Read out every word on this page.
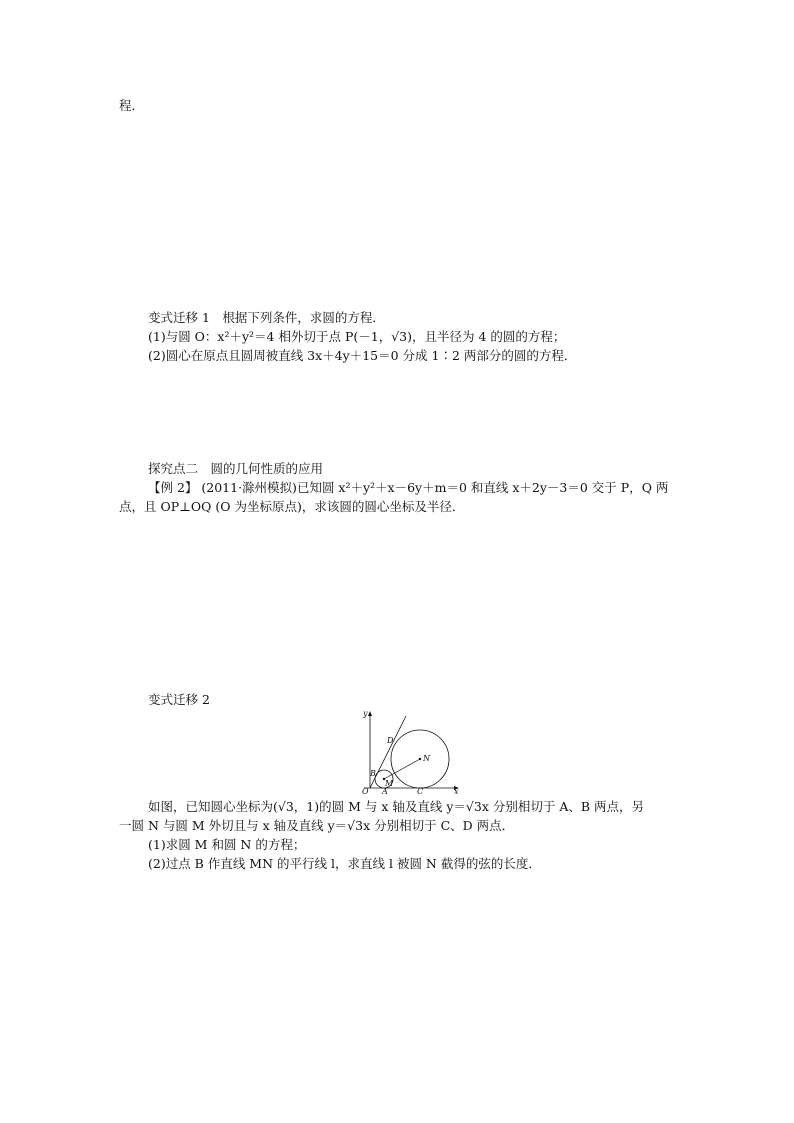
程．
变式迁移 1　根据下列条件，求圆的方程．
(1)与圆 O：x²＋y²＝4 相外切于点 P(－1，√3)，且半径为 4 的圆的方程；
(2)圆心在原点且圆周被直线 3x＋4y＋15＝0 分成 1∶2 两部分的圆的方程．
探究点二　圆的几何性质的应用
【例 2】 (2011·滁州模拟)已知圆 x²＋y²＋x－6y＋m＝0 和直线 x＋2y－3＝0 交于 P，Q 两
点，且 OP⊥OQ (O 为坐标原点)，求该圆的圆心坐标及半径．
变式迁移 2
y
x
O A	C
B
D
M
N
如图，已知圆心坐标为(√3，1)的圆 M 与 x 轴及直线 y＝√3x 分别相切于 A、B 两点，另
一圆 N 与圆 M 外切且与 x 轴及直线 y＝√3x 分别相切于 C、D 两点．
(1)求圆 M 和圆 N 的方程；
(2)过点 B 作直线 MN 的平行线 l，求直线 l 被圆 N 截得的弦的长度．
